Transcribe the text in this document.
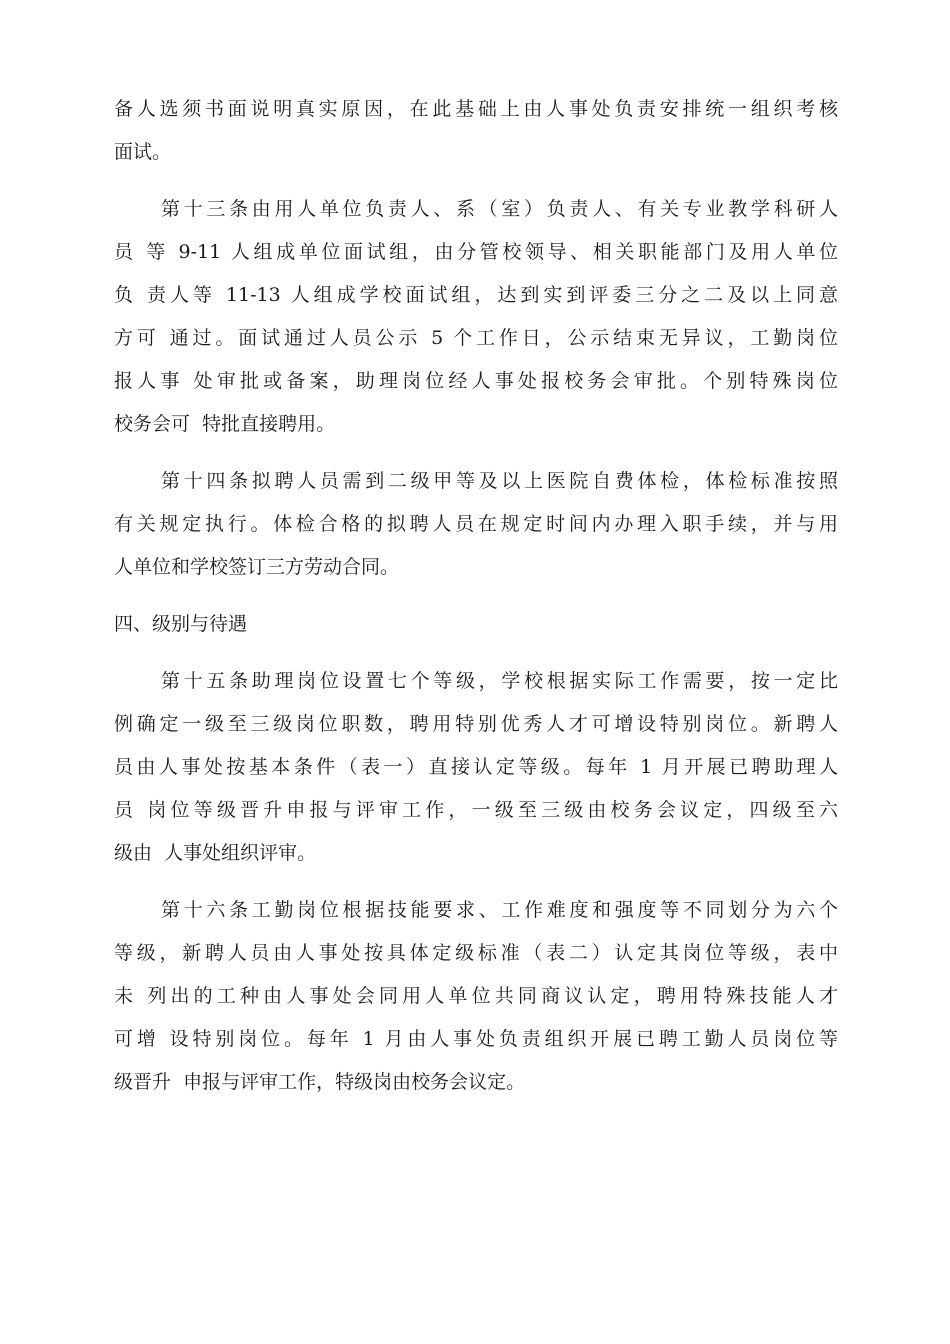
备人选须书面说明真实原因，在此基础上由人事处负责安排统一组织考核
面试。
第十三条由用人单位负责人、系（室）负责人、有关专业教学科研人
员 等 9-11 人组成单位面试组，由分管校领导、相关职能部门及用人单位
负 责人等 11-13 人组成学校面试组，达到实到评委三分之二及以上同意
方可 通过。面试通过人员公示 5 个工作日，公示结束无异议，工勤岗位
报人事 处审批或备案，助理岗位经人事处报校务会审批。个别特殊岗位
校务会可  特批直接聘用。
第十四条拟聘人员需到二级甲等及以上医院自费体检，体检标准按照
有关规定执行。体检合格的拟聘人员在规定时间内办理入职手续，并与用
人单位和学校签订三方劳动合同。
四、级别与待遇
第十五条助理岗位设置七个等级，学校根据实际工作需要，按一定比
例确定一级至三级岗位职数，聘用特别优秀人才可增设特别岗位。新聘人
员由人事处按基本条件（表一）直接认定等级。每年 1 月开展已聘助理人
员 岗位等级晋升申报与评审工作，一级至三级由校务会议定，四级至六
级由  人事处组织评审。
第十六条工勤岗位根据技能要求、工作难度和强度等不同划分为六个
等级，新聘人员由人事处按具体定级标准（表二）认定其岗位等级，表中
未 列出的工种由人事处会同用人单位共同商议认定，聘用特殊技能人才
可增 设特别岗位。每年 1 月由人事处负责组织开展已聘工勤人员岗位等
级晋升  申报与评审工作，特级岗由校务会议定。
